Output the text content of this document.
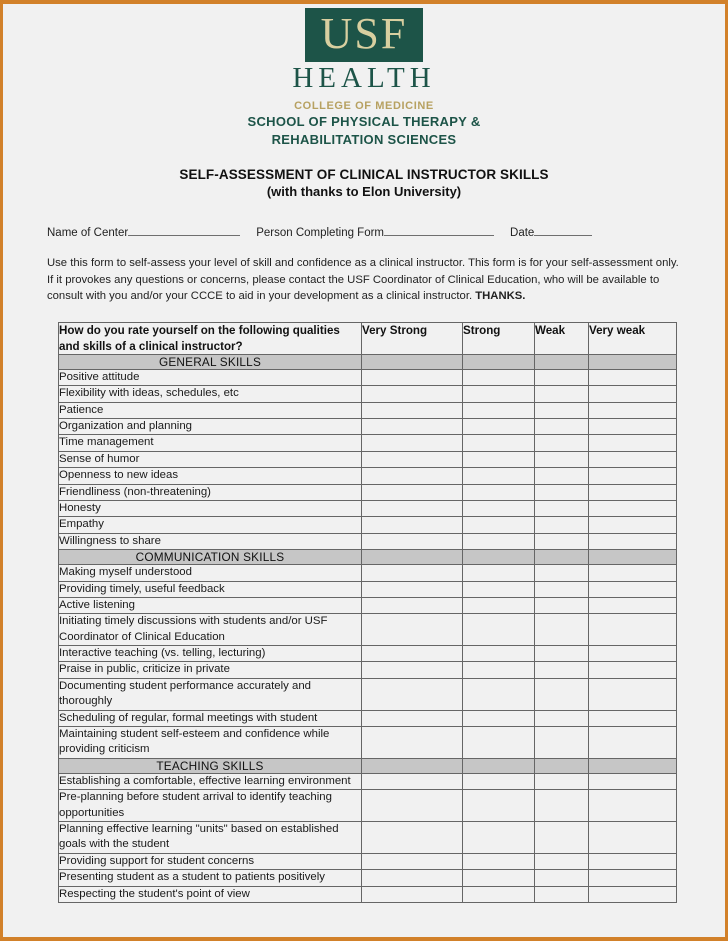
USF
HEALTH
COLLEGE OF MEDICINE
SCHOOL OF PHYSICAL THERAPY &
REHABILITATION SCIENCES
SELF-ASSESSMENT OF CLINICAL INSTRUCTOR SKILLS
(with thanks to Elon University)
Name of Center	Person Completing Form	Date
Use this form to self-assess your level of skill and confidence as a clinical instructor. This form is for your self-assessment only. If it provokes any questions or concerns, please contact the USF Coordinator of Clinical Education, who will be available to consult with you and/or your CCCE to aid in your development as a clinical instructor. THANKS.
How do you rate yourself on the following qualities and skills of a clinical instructor?	Very Strong	Strong	Weak	Very weak
GENERAL SKILLS				
Positive attitude				
Flexibility with ideas, schedules, etc				
Patience				
Organization and planning				
Time management				
Sense of humor				
Openness to new ideas				
Friendliness (non-threatening)				
Honesty				
Empathy				
Willingness to share				
COMMUNICATION SKILLS				
Making myself understood				
Providing timely, useful feedback				
Active listening				
Initiating timely discussions with students and/or USF Coordinator of Clinical Education				
Interactive teaching (vs. telling, lecturing)				
Praise in public, criticize in private				
Documenting student performance accurately and thoroughly				
Scheduling of regular, formal meetings with student				
Maintaining student self-esteem and confidence while providing criticism				
TEACHING SKILLS				
Establishing a comfortable, effective learning environment				
Pre-planning before student arrival to identify teaching opportunities				
Planning effective learning "units" based on established goals with the student				
Providing support for student concerns				
Presenting student as a student to patients positively				
Respecting the student's point of view				
